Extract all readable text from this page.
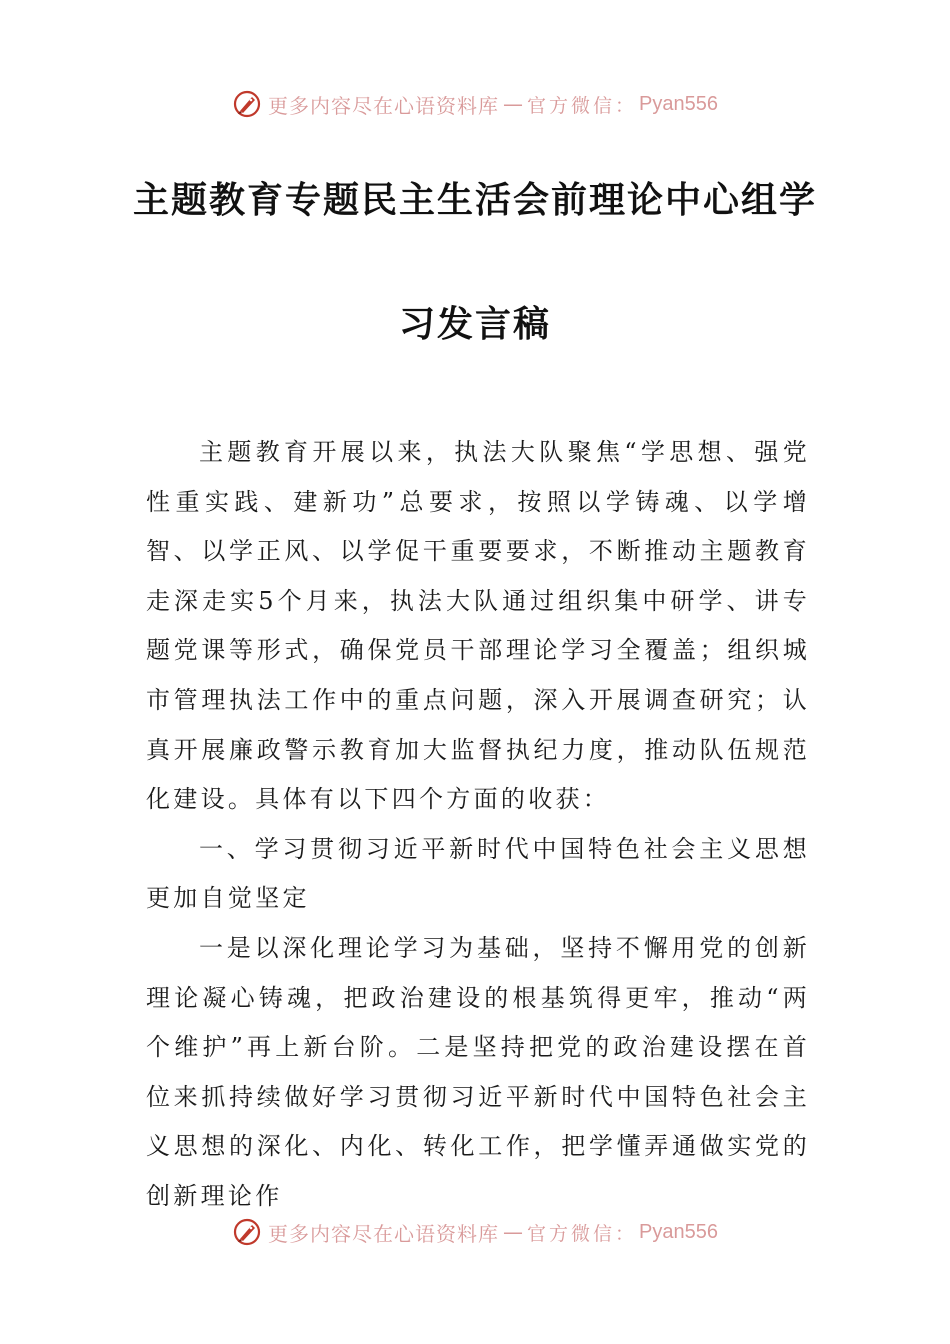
更多内容尽在心语资料库 — 官方微信： Pyan556
主题教育专题民主生活会前理论中心组学
习发言稿

主题教育开展以来，执法大队聚焦“学思想、强党性重实践、建新功”总要求，按照以学铸魂、以学增智、以学正风、以学促干重要要求，不断推动主题教育走深走实5个月来，执法大队通过组织集中研学、讲专题党课等形式，确保党员干部理论学习全覆盖；组织城市管理执法工作中的重点问题，深入开展调查研究；认真开展廉政警示教育加大监督执纪力度，推动队伍规范化建设。具体有以下四个方面的收获：

一、学习贯彻习近平新时代中国特色社会主义思想更加自觉坚定

一是以深化理论学习为基础，坚持不懈用党的创新理论凝心铸魂，把政治建设的根基筑得更牢，推动“两个维护”再上新台阶。二是坚持把党的政治建设摆在首位来抓持续做好学习贯彻习近平新时代中国特色社会主义思想的深化、内化、转化工作，把学懂弄通做实党的创新理论作

更多内容尽在心语资料库 — 官方微信： Pyan556
